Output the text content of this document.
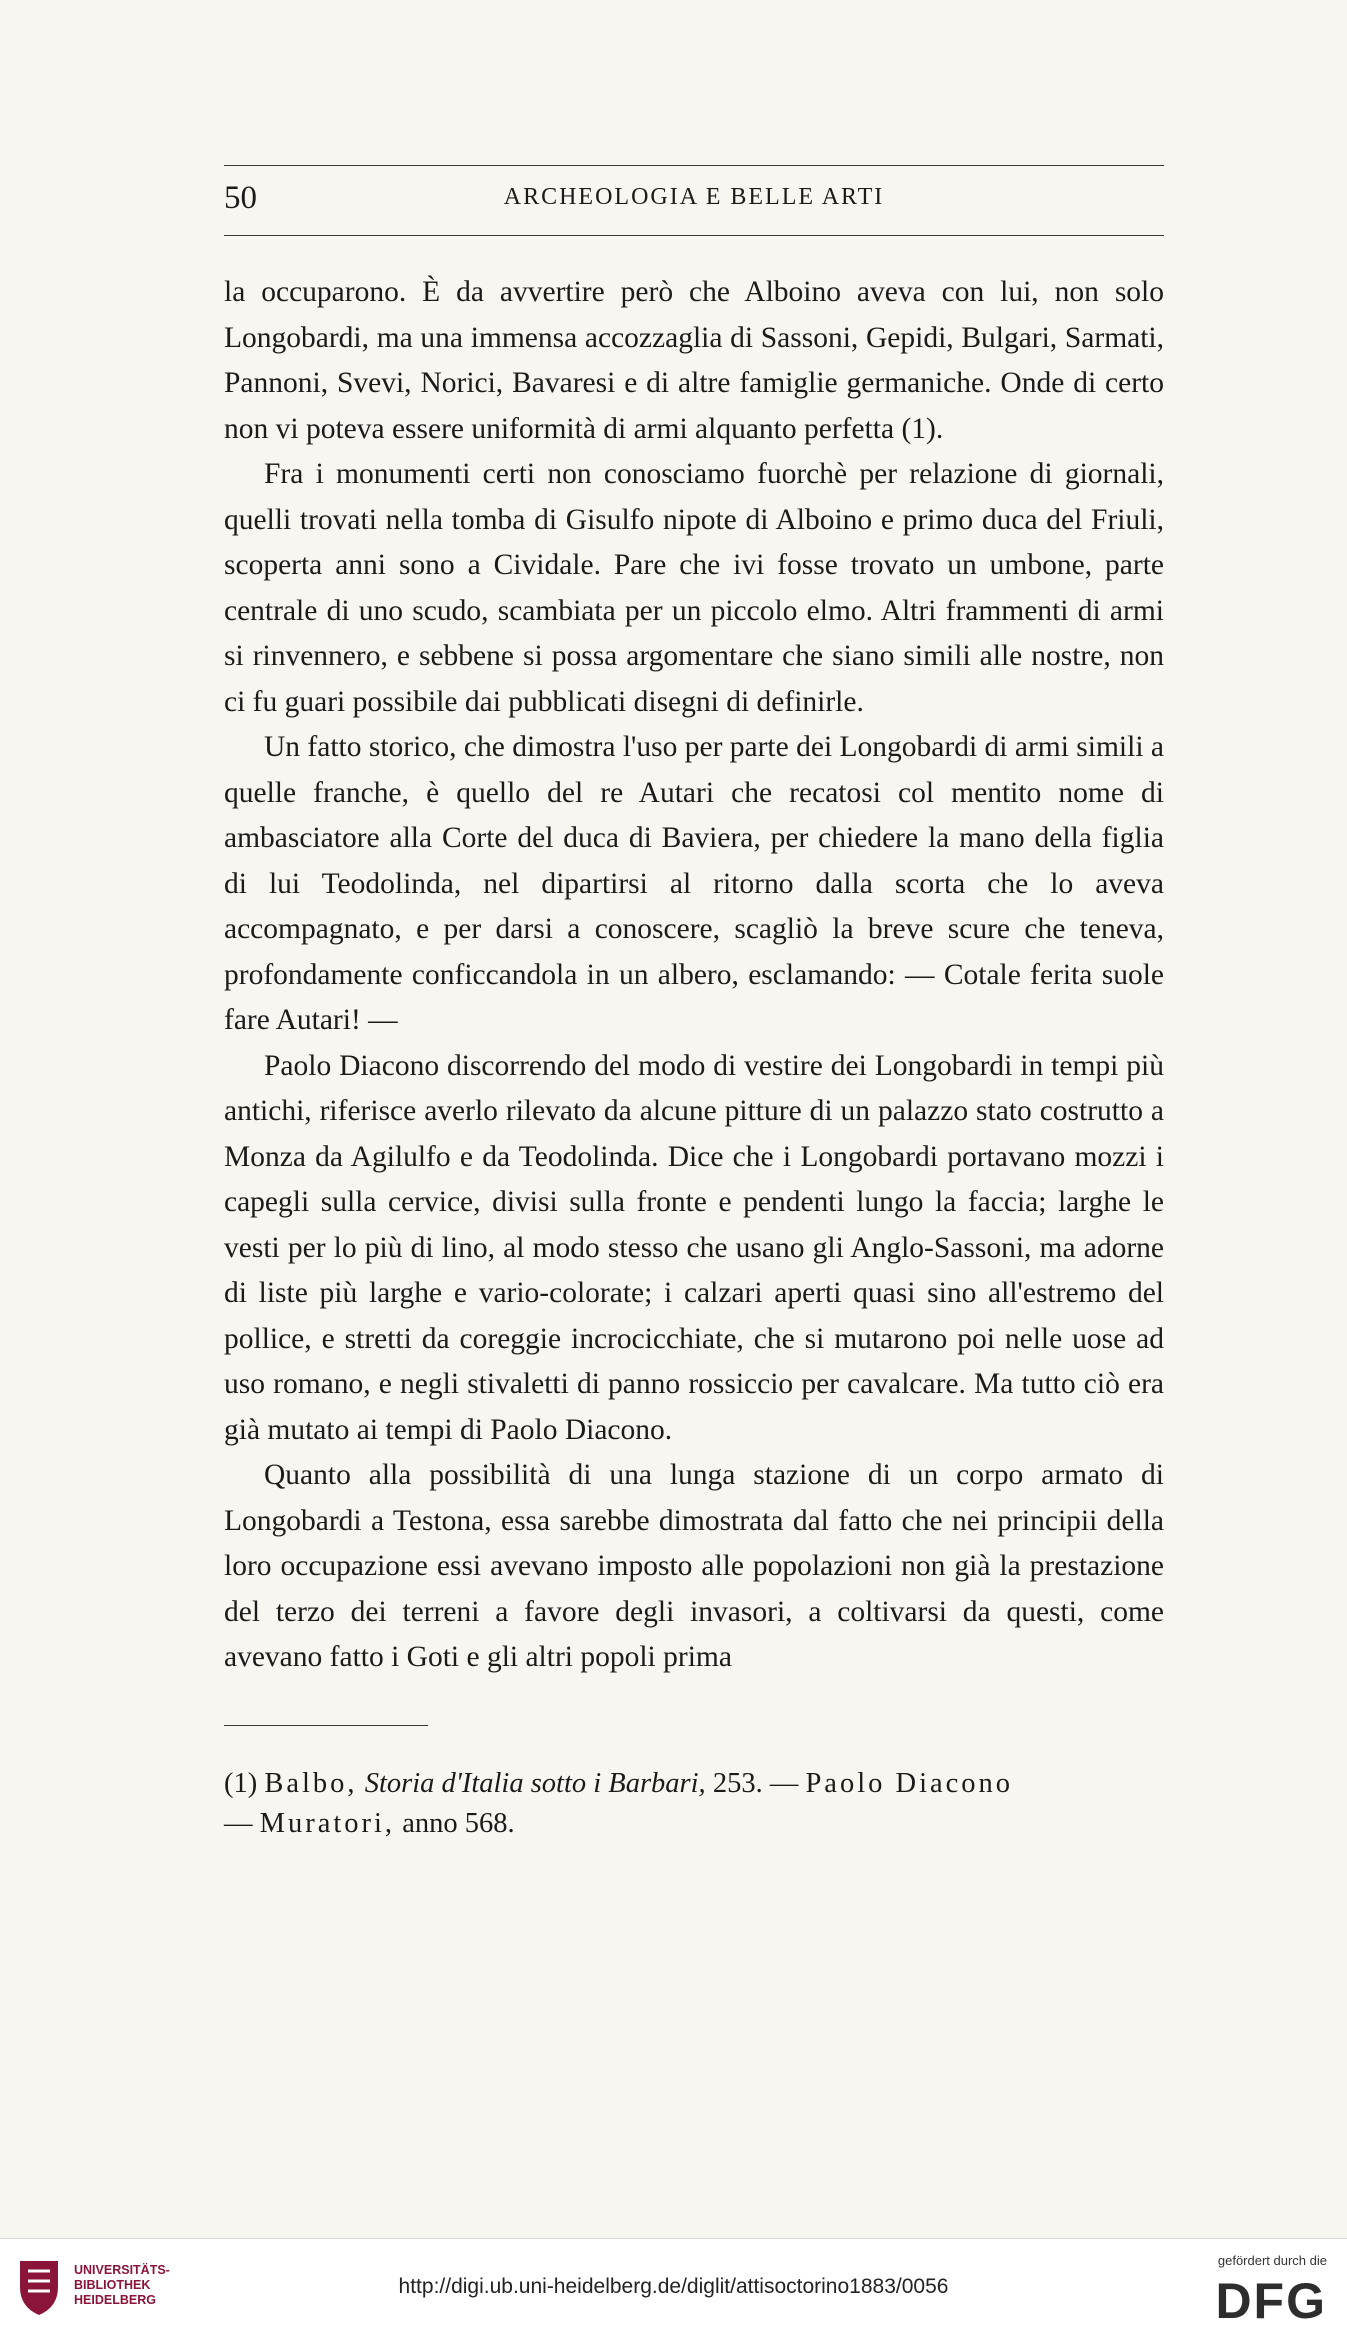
50	ARCHEOLOGIA E BELLE ARTI

la occuparono. È da avvertire però che Alboino aveva con lui, non solo Longobardi, ma una immensa accozzaglia di Sassoni, Gepidi, Bulgari, Sarmati, Pannoni, Svevi, Norici, Bavaresi e di altre famiglie germaniche. Onde di certo non vi poteva essere uniformità di armi alquanto perfetta (1).

Fra i monumenti certi non conosciamo fuorchè per relazione di giornali, quelli trovati nella tomba di Gisulfo nipote di Alboino e primo duca del Friuli, scoperta anni sono a Cividale. Pare che ivi fosse trovato un umbone, parte centrale di uno scudo, scambiata per un piccolo elmo. Altri frammenti di armi si rinvennero, e sebbene si possa argomentare che siano simili alle nostre, non ci fu guari possibile dai pubblicati disegni di definirle.

Un fatto storico, che dimostra l'uso per parte dei Longobardi di armi simili a quelle franche, è quello del re Autari che recatosi col mentito nome di ambasciatore alla Corte del duca di Baviera, per chiedere la mano della figlia di lui Teodolinda, nel dipartirsi al ritorno dalla scorta che lo aveva accompagnato, e per darsi a conoscere, scagliò la breve scure che teneva, profondamente conficcandola in un albero, esclamando: — Cotale ferita suole fare Autari! —

Paolo Diacono discorrendo del modo di vestire dei Longobardi in tempi più antichi, riferisce averlo rilevato da alcune pitture di un palazzo stato costrutto a Monza da Agilulfo e da Teodolinda. Dice che i Longobardi portavano mozzi i capegli sulla cervice, divisi sulla fronte e pendenti lungo la faccia; larghe le vesti per lo più di lino, al modo stesso che usano gli Anglo-Sassoni, ma adorne di liste più larghe e vario-colorate; i calzari aperti quasi sino all'estremo del pollice, e stretti da coreggie incrocicchiate, che si mutarono poi nelle uose ad uso romano, e negli stivaletti di panno rossiccio per cavalcare. Ma tutto ciò era già mutato ai tempi di Paolo Diacono.

Quanto alla possibilità di una lunga stazione di un corpo armato di Longobardi a Testona, essa sarebbe dimostrata dal fatto che nei principii della loro occupazione essi avevano imposto alle popolazioni non già la prestazione del terzo dei terreni a favore degli invasori, a coltivarsi da questi, come avevano fatto i Goti e gli altri popoli prima

(1) Balbo, Storia d'Italia sotto i Barbari, 253. — Paolo Diacono
— Muratori, anno 568.
UNIVERSITÄTS-
BIBLIOTHEK
HEIDELBERG
http://digi.ub.uni-heidelberg.de/diglit/attisoctorino1883/0056
gefördert durch die
DFG
